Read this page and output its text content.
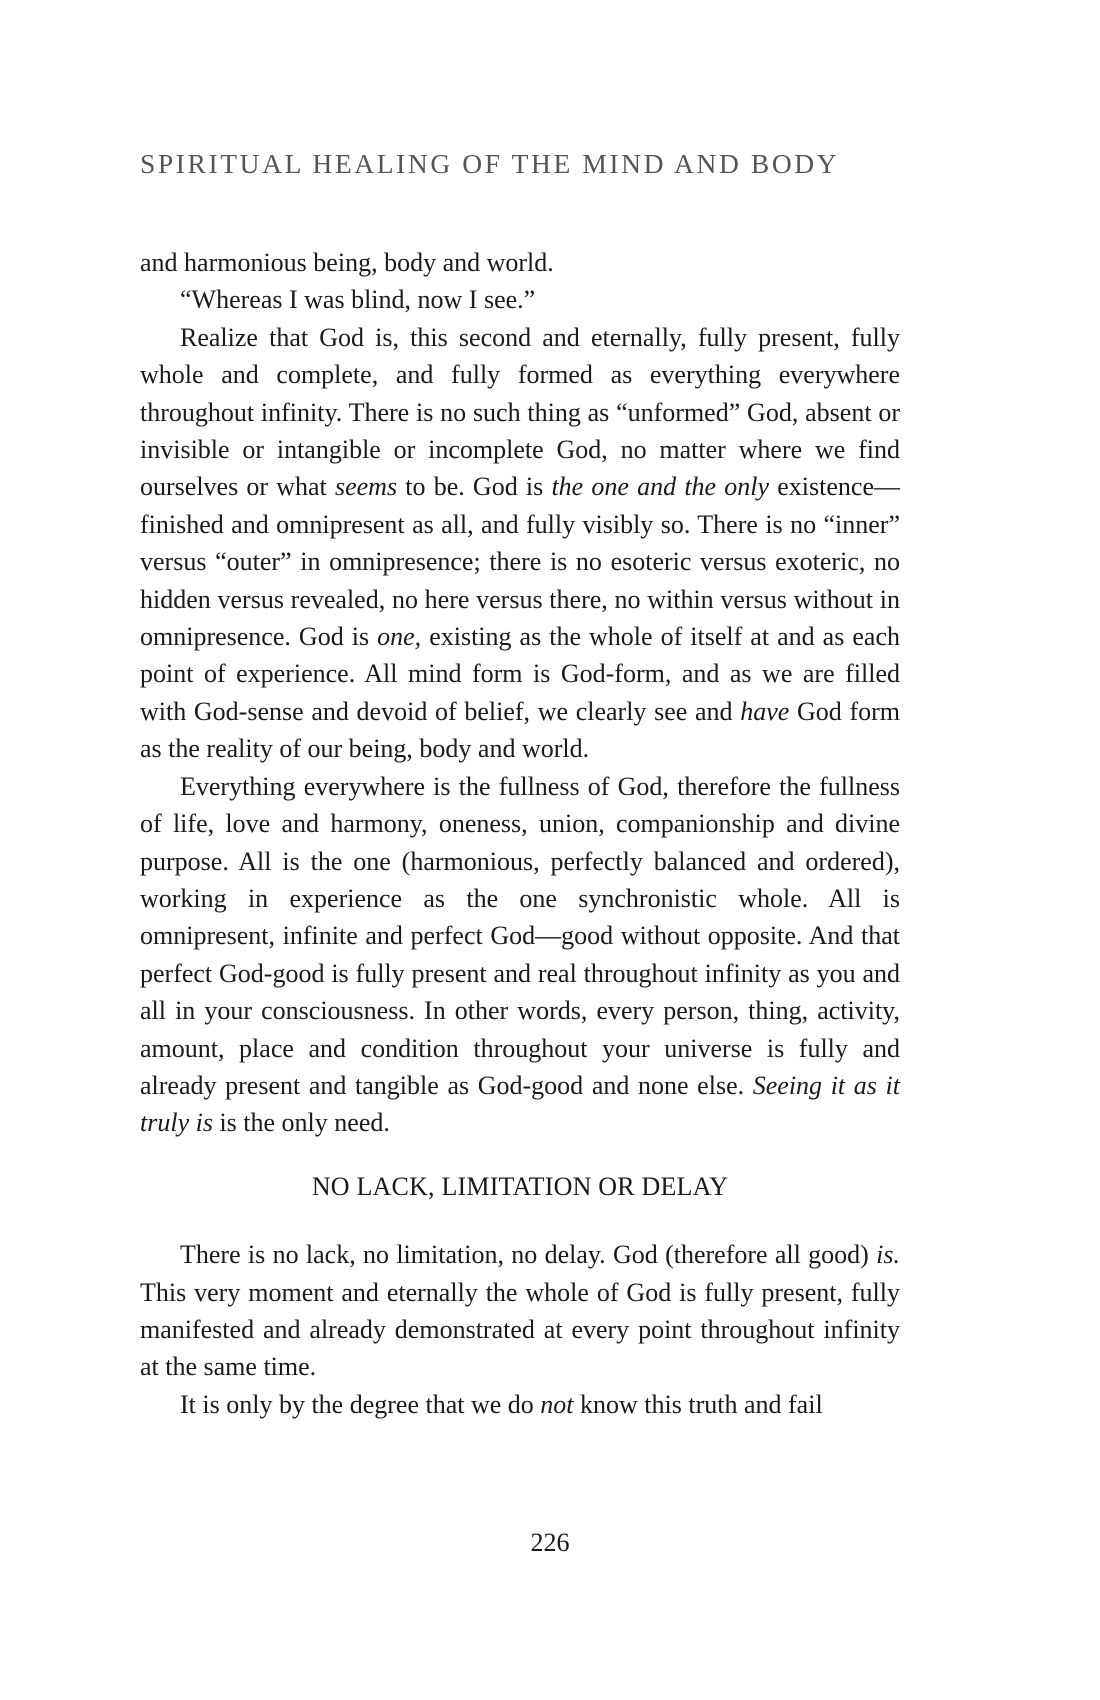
SPIRITUAL HEALING OF THE MIND AND BODY

and harmonious being, body and world.

“Whereas I was blind, now I see.”

Realize that God is, this second and eternally, fully present, fully whole and complete, and fully formed as everything everywhere throughout infinity. There is no such thing as “unformed” God, absent or invisible or intangible or incomplete God, no matter where we find ourselves or what seems to be. God is the one and the only existence—finished and omnipresent as all, and fully visibly so. There is no “inner” versus “outer” in omnipresence; there is no esoteric versus exoteric, no hidden versus revealed, no here versus there, no within versus without in omnipresence. God is one, existing as the whole of itself at and as each point of experience. All mind form is God-form, and as we are filled with God-sense and devoid of belief, we clearly see and have God form as the reality of our being, body and world.

Everything everywhere is the fullness of God, therefore the fullness of life, love and harmony, oneness, union, companionship and divine purpose. All is the one (harmonious, perfectly balanced and ordered), working in experience as the one synchronistic whole. All is omnipresent, infinite and perfect God—good without opposite. And that perfect God-good is fully present and real throughout infinity as you and all in your consciousness. In other words, every person, thing, activity, amount, place and condition throughout your universe is fully and already present and tangible as God-good and none else. Seeing it as it truly is is the only need.

NO LACK, LIMITATION OR DELAY

There is no lack, no limitation, no delay. God (therefore all good) is. This very moment and eternally the whole of God is fully present, fully manifested and already demonstrated at every point throughout infinity at the same time.

It is only by the degree that we do not know this truth and fail

226
